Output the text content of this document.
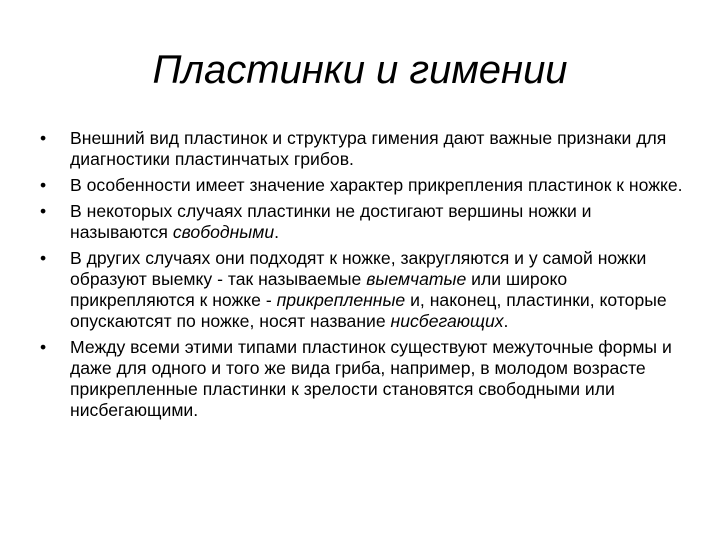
Пластинки и гимении
•	Внешний вид пластинок и структура гимения дают важные признаки для диагностики пластинчатых грибов.
•	В особенности имеет значение характер прикрепления пластинок к ножке.
•	В некоторых случаях пластинки не достигают вершины ножки и называются свободными.
•	В других случаях они подходят к ножке, закругляются и у самой ножки образуют выемку - так называемые выемчатые или широко прикрепляются к ножке - прикрепленные и, наконец, пластинки, которые опускаютсят по ножке, носят название нисбегающих.
•	Между всеми этими типами пластинок существуют межуточные формы и даже для одного и того же вида гриба, например, в молодом возрасте прикрепленные пластинки к зрелости становятся свободными или нисбегающими.
